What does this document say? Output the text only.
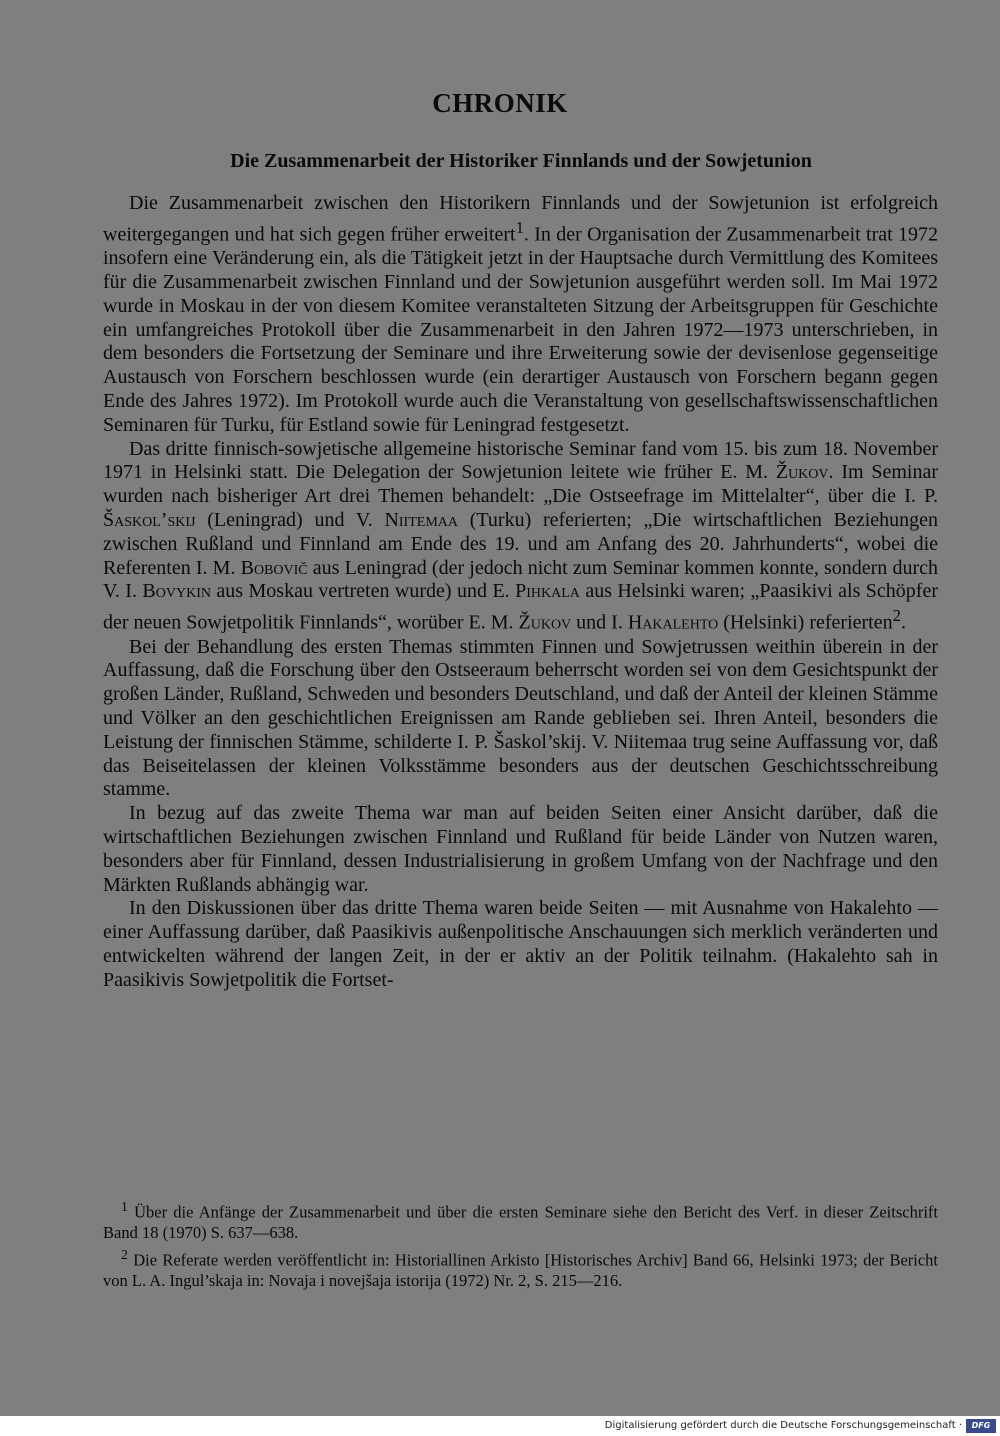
CHRONIK
Die Zusammenarbeit der Historiker Finnlands und der Sowjetunion

Die Zusammenarbeit zwischen den Historikern Finnlands und der Sowjetunion ist erfolgreich weitergegangen und hat sich gegen früher erweitert$^1$. In der Organisation der Zusammenarbeit trat 1972 insofern eine Veränderung ein, als die Tätigkeit jetzt in der Hauptsache durch Vermittlung des Komitees für die Zusammenarbeit zwischen Finnland und der Sowjetunion ausgeführt werden soll. Im Mai 1972 wurde in Moskau in der von diesem Komitee veranstalteten Sitzung der Arbeitsgruppen für Geschichte ein umfangreiches Protokoll über die Zusammenarbeit in den Jahren 1972—1973 unterschrieben, in dem besonders die Fortsetzung der Seminare und ihre Erweiterung sowie der devisenlose gegenseitige Austausch von Forschern beschlossen wurde (ein derartiger Austausch von Forschern begann gegen Ende des Jahres 1972). Im Protokoll wurde auch die Veranstaltung von gesellschaftswissenschaftlichen Seminaren für Turku, für Estland sowie für Leningrad festgesetzt.

Das dritte finnisch-sowjetische allgemeine historische Seminar fand vom 15. bis zum 18. November 1971 in Helsinki statt. Die Delegation der Sowjetunion leitete wie früher E. M. Žukov. Im Seminar wurden nach bisheriger Art drei Themen behandelt: „Die Ostseefrage im Mittelalter“, über die I. P. Šaskol’skij (Leningrad) und V. Niitemaa (Turku) referierten; „Die wirtschaftlichen Beziehungen zwischen Rußland und Finnland am Ende des 19. und am Anfang des 20. Jahrhunderts“, wobei die Referenten I. M. Bobovič aus Leningrad (der jedoch nicht zum Seminar kommen konnte, sondern durch V. I. Bovykin aus Moskau vertreten wurde) und E. Pihkala aus Helsinki waren; „Paasikivi als Schöpfer der neuen Sowjetpolitik Finnlands“, worüber E. M. Žukov und I. Hakalehto (Helsinki) referierten$^2$.

Bei der Behandlung des ersten Themas stimmten Finnen und Sowjetrussen weithin überein in der Auffassung, daß die Forschung über den Ostseeraum beherrscht worden sei von dem Gesichtspunkt der großen Länder, Rußland, Schweden und besonders Deutschland, und daß der Anteil der kleinen Stämme und Völker an den geschichtlichen Ereignissen am Rande geblieben sei. Ihren Anteil, besonders die Leistung der finnischen Stämme, schilderte I. P. Šaskol’skij. V. Niitemaa trug seine Auffassung vor, daß das Beiseitelassen der kleinen Volksstämme besonders aus der deutschen Geschichtsschreibung stamme.

In bezug auf das zweite Thema war man auf beiden Seiten einer Ansicht darüber, daß die wirtschaftlichen Beziehungen zwischen Finnland und Rußland für beide Länder von Nutzen waren, besonders aber für Finnland, dessen Industrialisierung in großem Umfang von der Nachfrage und den Märkten Rußlands abhängig war.

In den Diskussionen über das dritte Thema waren beide Seiten — mit Ausnahme von Hakalehto — einer Auffassung darüber, daß Paasikivis außenpolitische Anschauungen sich merklich veränderten und entwickelten während der langen Zeit, in der er aktiv an der Politik teilnahm. (Hakalehto sah in Paasikivis Sowjetpolitik die Fortset-

$^1$ Über die Anfänge der Zusammenarbeit und über die ersten Seminare siehe den Bericht des Verf. in dieser Zeitschrift Band 18 (1970) S. 637—638.

$^2$ Die Referate werden veröffentlicht in: Historiallinen Arkisto [Historisches Archiv] Band 66, Helsinki 1973; der Bericht von L. A. Ingul’skaja in: Novaja i novejšaja istorija (1972) Nr. 2, S. 215—216.

Digitalisierung gefördert durch die Deutsche Forschungsgemeinschaft ·	DFG
